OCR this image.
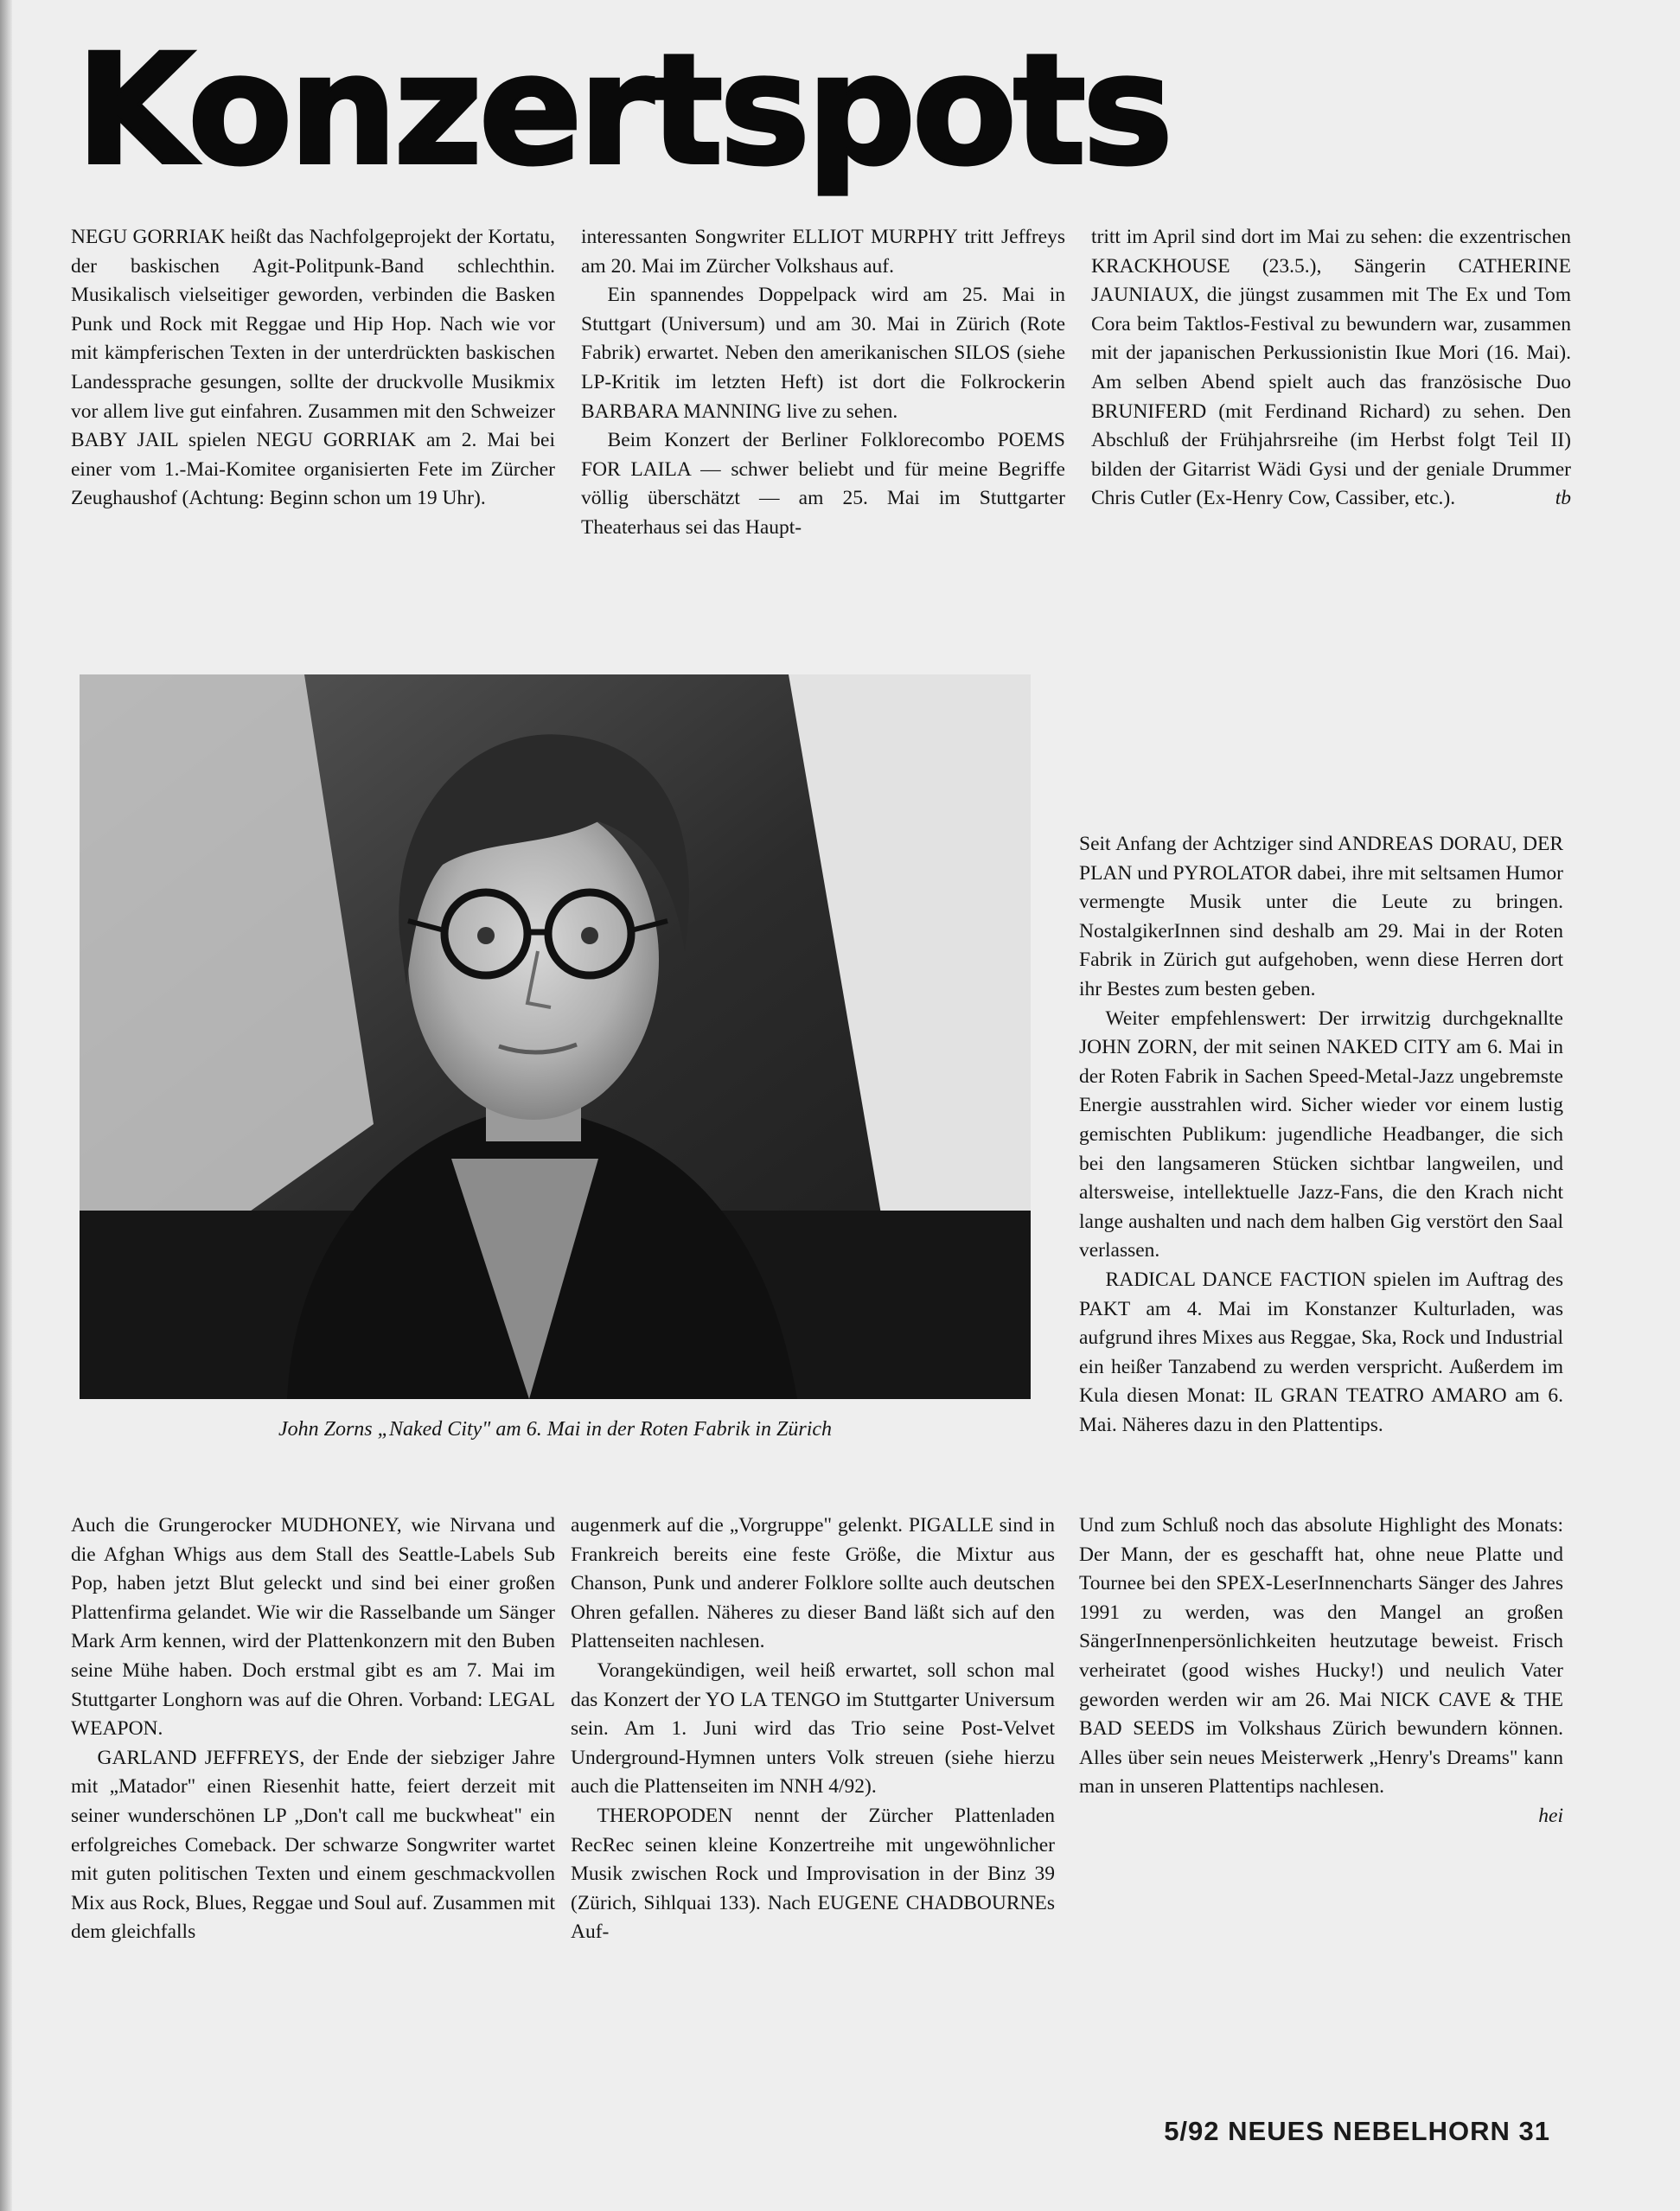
Konzertspots

NEGU GORRIAK heißt das Nachfolgeprojekt der Kortatu, der baskischen Agit-Politpunk-Band schlechthin. Musikalisch vielseitiger geworden, verbinden die Basken Punk und Rock mit Reggae und Hip Hop. Nach wie vor mit kämpferischen Texten in der unterdrückten baskischen Landessprache gesungen, sollte der druckvolle Musikmix vor allem live gut einfahren. Zusammen mit den Schweizer BABY JAIL spielen NEGU GORRIAK am 2. Mai bei einer vom 1.-Mai-Komitee organisierten Fete im Zürcher Zeughaushof (Achtung: Beginn schon um 19 Uhr).

interessanten Songwriter ELLIOT MURPHY tritt Jeffreys am 20. Mai im Zürcher Volkshaus auf.

Ein spannendes Doppelpack wird am 25. Mai in Stuttgart (Universum) und am 30. Mai in Zürich (Rote Fabrik) erwartet. Neben den amerikanischen SILOS (siehe LP-Kritik im letzten Heft) ist dort die Folkrockerin BARBARA MANNING live zu sehen.

Beim Konzert der Berliner Folklorecombo POEMS FOR LAILA — schwer beliebt und für meine Begriffe völlig überschätzt — am 25. Mai im Stuttgarter Theaterhaus sei das Haupt-

tritt im April sind dort im Mai zu sehen: die exzentrischen KRACKHOUSE (23.5.), Sängerin CATHERINE JAUNIAUX, die jüngst zusammen mit The Ex und Tom Cora beim Taktlos-Festival zu bewundern war, zusammen mit der japanischen Perkussionistin Ikue Mori (16. Mai). Am selben Abend spielt auch das französische Duo BRUNIFERD (mit Ferdinand Richard) zu sehen. Den Abschluß der Frühjahrsreihe (im Herbst folgt Teil II) bilden der Gitarrist Wädi Gysi und der geniale Drummer Chris Cutler (Ex-Henry Cow, Cassiber, etc.).	tb

John Zorns „Naked City" am 6. Mai in der Roten Fabrik in Zürich

Seit Anfang der Achtziger sind ANDREAS DORAU, DER PLAN und PYROLATOR dabei, ihre mit seltsamen Humor vermengte Musik unter die Leute zu bringen. NostalgikerInnen sind deshalb am 29. Mai in der Roten Fabrik in Zürich gut aufgehoben, wenn diese Herren dort ihr Bestes zum besten geben.

Weiter empfehlenswert: Der irrwitzig durchgeknallte JOHN ZORN, der mit seinen NAKED CITY am 6. Mai in der Roten Fabrik in Sachen Speed-Metal-Jazz ungebremste Energie ausstrahlen wird. Sicher wieder vor einem lustig gemischten Publikum: jugendliche Headbanger, die sich bei den langsameren Stücken sichtbar langweilen, und altersweise, intellektuelle Jazz-Fans, die den Krach nicht lange aushalten und nach dem halben Gig verstört den Saal verlassen.

RADICAL DANCE FACTION spielen im Auftrag des PAKT am 4. Mai im Konstanzer Kulturladen, was aufgrund ihres Mixes aus Reggae, Ska, Rock und Industrial ein heißer Tanzabend zu werden verspricht. Außerdem im Kula diesen Monat: IL GRAN TEATRO AMARO am 6. Mai. Näheres dazu in den Plattentips.

Auch die Grungerocker MUDHONEY, wie Nirvana und die Afghan Whigs aus dem Stall des Seattle-Labels Sub Pop, haben jetzt Blut geleckt und sind bei einer großen Plattenfirma gelandet. Wie wir die Rasselbande um Sänger Mark Arm kennen, wird der Plattenkonzern mit den Buben seine Mühe haben. Doch erstmal gibt es am 7. Mai im Stuttgarter Longhorn was auf die Ohren. Vorband: LEGAL WEAPON.

GARLAND JEFFREYS, der Ende der siebziger Jahre mit „Matador" einen Riesenhit hatte, feiert derzeit mit seiner wunderschönen LP „Don't call me buckwheat" ein erfolgreiches Comeback. Der schwarze Songwriter wartet mit guten politischen Texten und einem geschmackvollen Mix aus Rock, Blues, Reggae und Soul auf. Zusammen mit dem gleichfalls

augenmerk auf die „Vorgruppe" gelenkt. PIGALLE sind in Frankreich bereits eine feste Größe, die Mixtur aus Chanson, Punk und anderer Folklore sollte auch deutschen Ohren gefallen. Näheres zu dieser Band läßt sich auf den Plattenseiten nachlesen.

Vorangekündigen, weil heiß erwartet, soll schon mal das Konzert der YO LA TENGO im Stuttgarter Universum sein. Am 1. Juni wird das Trio seine Post-Velvet Underground-Hymnen unters Volk streuen (siehe hierzu auch die Plattenseiten im NNH 4/92).

THEROPODEN nennt der Zürcher Plattenladen RecRec seinen kleine Konzertreihe mit ungewöhnlicher Musik zwischen Rock und Improvisation in der Binz 39 (Zürich, Sihlquai 133). Nach EUGENE CHADBOURNEs Auf-

Und zum Schluß noch das absolute Highlight des Monats: Der Mann, der es geschafft hat, ohne neue Platte und Tournee bei den SPEX-LeserInnencharts Sänger des Jahres 1991 zu werden, was den Mangel an großen SängerInnenpersönlichkeiten heutzutage beweist. Frisch verheiratet (good wishes Hucky!) und neulich Vater geworden werden wir am 26. Mai NICK CAVE & THE BAD SEEDS im Volkshaus Zürich bewundern können. Alles über sein neues Meisterwerk „Henry's Dreams" kann man in unseren Plattentips nachlesen.

hei

5/92 NEUES NEBELHORN 31
